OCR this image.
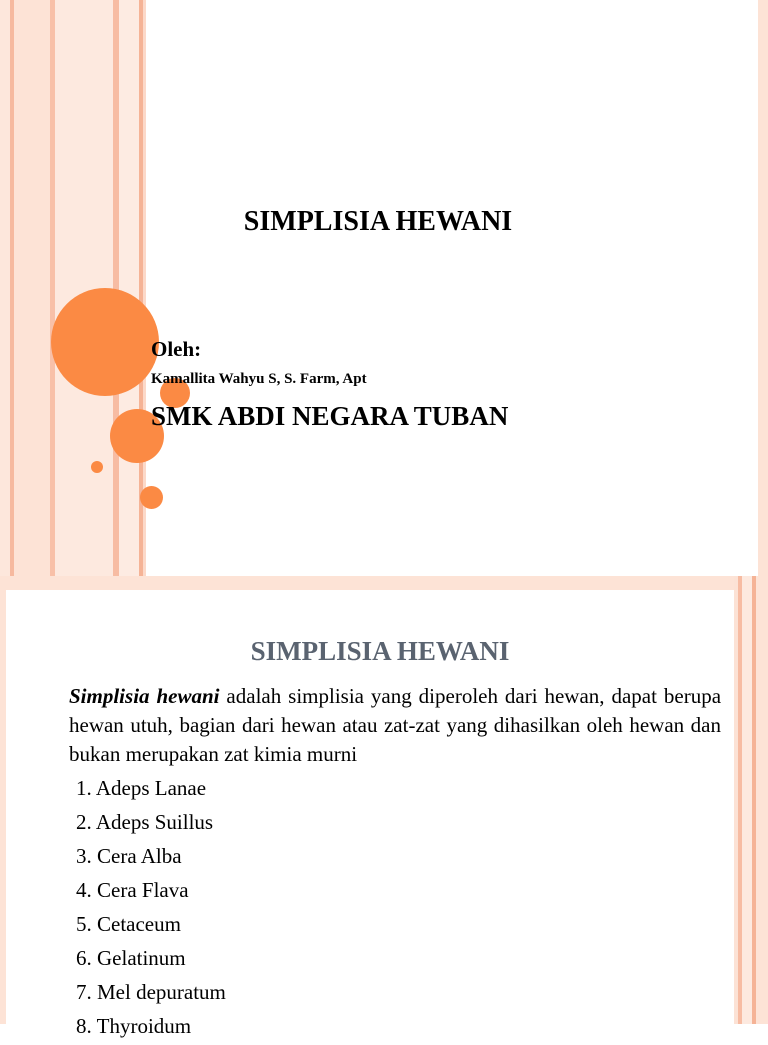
SIMPLISIA HEWANI
Oleh:
Kamallita Wahyu S, S. Farm, Apt
SMK ABDI NEGARA TUBAN
SIMPLISIA HEWANI
Simplisia hewani adalah simplisia yang diperoleh dari hewan, dapat berupa hewan utuh, bagian dari hewan atau zat-zat yang dihasilkan oleh hewan dan bukan merupakan zat kimia murni
1. Adeps Lanae
2. Adeps Suillus
3. Cera Alba
4. Cera Flava
5. Cetaceum
6. Gelatinum
7. Mel depuratum
8. Thyroidum
